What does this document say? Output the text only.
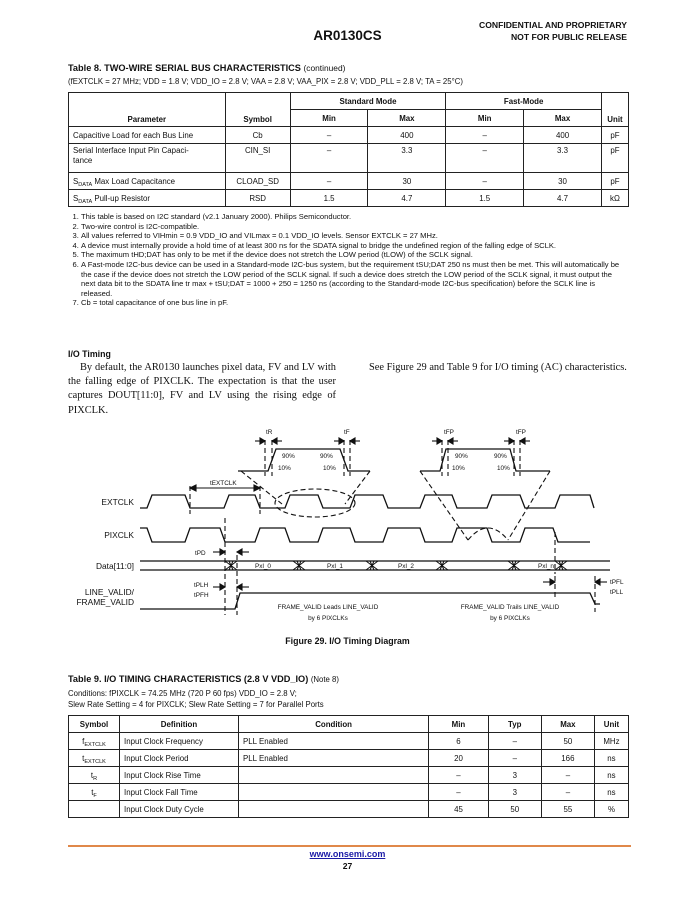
AR0130CS
CONFIDENTIAL AND PROPRIETARY
NOT FOR PUBLIC RELEASE
Table 8. TWO-WIRE SERIAL BUS CHARACTERISTICS (continued)
(fEXTCLK = 27 MHz; VDD = 1.8 V; VDD_IO = 2.8 V; VAA = 2.8 V; VAA_PIX = 2.8 V; VDD_PLL = 2.8 V; TA = 25°C)
Parameter	Symbol	Standard Mode		Fast-Mode		Unit
		Min	Max	Min	Max	
Capacitive Load for each Bus Line	Cb	–	400	–	400	pF
Serial Interface Input Pin Capaci-
tance	CIN_SI	–	3.3	–	3.3	pF
$S_{DATA}$ Max Load Capacitance	CLOAD_SD	–	30	–	30	pF
$S_{DATA}$ Pull-up Resistor	RSD	1.5	4.7	1.5	4.7	kΩ
1. This table is based on I2C standard (v2.1 January 2000). Philips Semiconductor.
2. Two-wire control is I2C-compatible.
3. All values referred to VIHmin = 0.9 VDD_IO and VILmax = 0.1 VDD_IO levels. Sensor EXTCLK = 27 MHz.
4. A device must internally provide a hold time of at least 300 ns for the SDATA signal to bridge the undefined region of the falling edge of SCLK.
5. The maximum tHD;DAT has only to be met if the device does not stretch the LOW period (tLOW) of the SCLK signal.
6. A Fast-mode I2C-bus device can be used in a Standard-mode I2C-bus system, but the requirement tSU;DAT 250 ns must then be met. This will automatically be the case if the device does not stretch the LOW period of the SCLK signal. If such a device does stretch the LOW period of the SCLK signal, it must output the next data bit to the SDATA line tr max + tSU;DAT = 1000 + 250 = 1250 ns (according to the Standard-mode I2C-bus specification) before the SCLK line is released.
7. Cb = total capacitance of one bus line in pF.
I/O Timing
By default, the AR0130 launches pixel data, FV and LV with the falling edge of PIXCLK. The expectation is that the user captures DOUT[11:0], FV and LV using the rising edge of PIXCLK.
See Figure 29 and Table 9 for I/O timing (AC) characteristics.
EXTCLK
PIXCLK
Data[11:0]
LINE_VALID/
FRAME_VALID
tR	tF	tFP	tFP
90%	90%
10%	10%
90%	90%
10%	10%
tEXTCLK
tPD
tPLH
tPFH
tPFL
tPLL
Pxl_0	Pxl_1	Pxl_2	Pxl_n
FRAME_VALID Leads LINE_VALID
by 6 PIXCLKs
FRAME_VALID Trails LINE_VALID
by 6 PIXCLKs
Figure 29. I/O Timing Diagram
Table 9. I/O TIMING CHARACTERISTICS (2.8 V VDD_IO) (Note 8)
Conditions: fPIXCLK = 74.25 MHz (720 P 60 fps) VDD_IO = 2.8 V;
Slew Rate Setting = 4 for PIXCLK; Slew Rate Setting = 7 for Parallel Ports
Symbol	Definition	Condition	Min	Typ	Max	Unit
$f_{EXTCLK}$	Input Clock Frequency	PLL Enabled	6	–	50	MHz
$t_{EXTCLK}$	Input Clock Period	PLL Enabled	20	–	166	ns
$t_R$	Input Clock Rise Time		–	3	–	ns
$t_F$	Input Clock Fall Time		–	3	–	ns
	Input Clock Duty Cycle		45	50	55	%
www.onsemi.com
27
